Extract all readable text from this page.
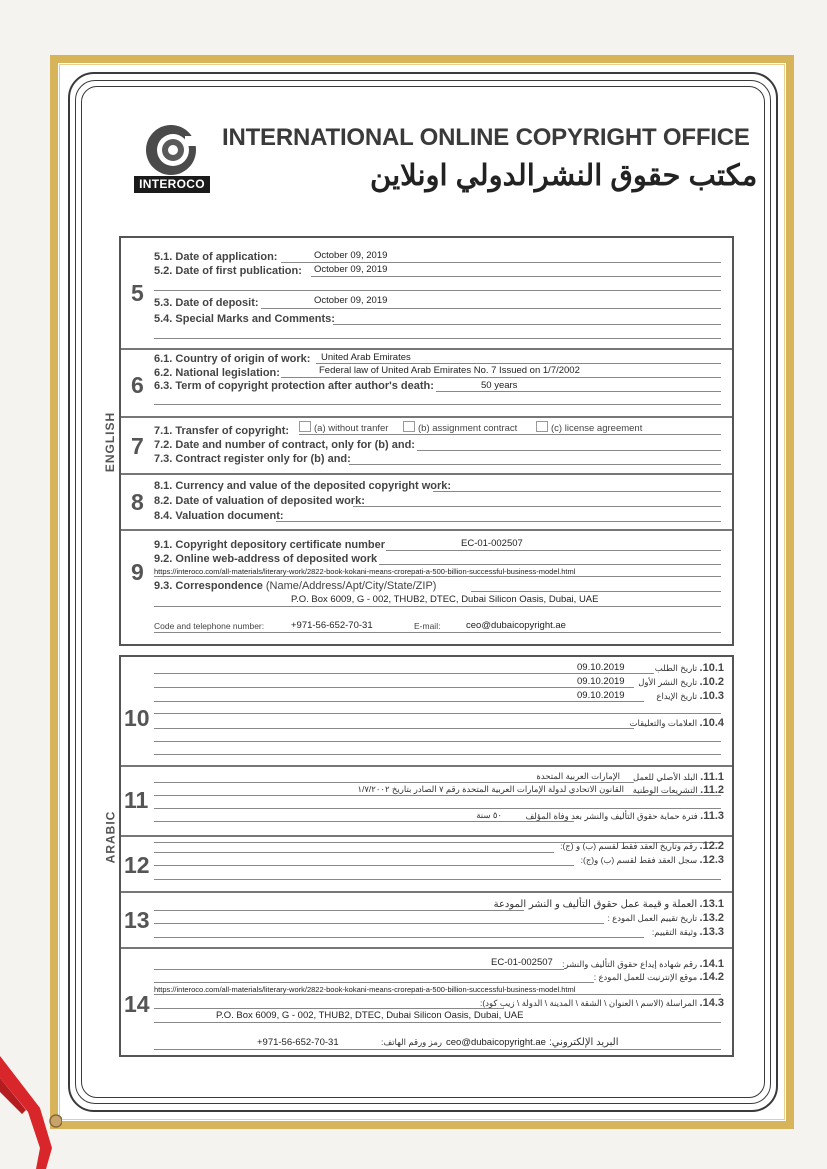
INTEROCO
INTERNATIONAL ONLINE COPYRIGHT OFFICE
مكتب حقوق النشرالدولي اونلاين
ENGLISH
ARABIC
5
5.1. Date of application:	October 09, 2019
5.2. Date of first publication: October 09, 2019
5.3. Date of deposit:	October 09, 2019
5.4. Special Marks and Comments:
6
6.1. Country of origin of work: United Arab Emirates
6.2. National legislation:	Federal law of United Arab Emirates No. 7 Issued on 1/7/2002
6.3. Term of copyright protection after author's death:	50 years
7
7.1. Transfer of copyright:	(a) without tranfer	(b) assignment contract	(c) license agreement
7.2. Date and number of contract, only for (b) and:
7.3. Contract register only for (b) and:
8
8.1. Currency and value of the deposited copyright work:
8.2. Date of valuation of deposited work:
8.4. Valuation document:
9
9.1. Copyright depository certificate number	EC-01-002507
9.2. Online web-address of deposited work
https://interoco.com/all-materials/literary-work/2822-book-kokani-means-crorepati-a-500-billion-successful-business-model.html
9.3. Correspondence (Name/Address/Apt/City/State/ZIP)
P.O. Box 6009, G - 002, THUB2, DTEC, Dubai Silicon Oasis, Dubai, UAE
Code and telephone number:	+971-56-652-70-31	E-mail:	ceo@dubaicopyright.ae
10
10.1. تاريخ الطلب
09.10.2019
10.2. تاريخ النشر الأول
09.10.2019
10.3. تاريخ الإيداع
09.10.2019
10.4. العلامات والتعليقات
11
11.1. البلد الأصلي للعمل
الإمارات العربية المتحدة
11.2. التشريعات الوطنية
القانون الاتحادي لدولة الإمارات العربية المتحدة رقم ٧ الصادر بتاريخ ١/٧/٢٠٠٢
11.3. فترة حماية حقوق التأليف والنشر بعد وفاة المؤلف
٥٠ سنة
12
12.2. رقم وتاريخ العقد فقط لقسم (ب) و (ج):
12.3. سجل العقد فقط لقسم (ب) و(ج):
13
13.1. العملة و قيمة عمل حقوق التأليف و النشر المودعة
13.2. تاريخ تقييم العمل المودع :
13.3. وثيقة التقييم:
14
14.1. رقم شهادة إيداع حقوق التأليف والنشر:
EC-01-002507
14.2. موقع الإنترنيت للعمل المودع :
https://interoco.com/all-materials/literary-work/2822-book-kokani-means-crorepati-a-500-billion-successful-business-model.html
14.3. المراسلة (الاسم \ العنوان \ الشقة \ المدينة \ الدولة \ زيب كود):
P.O. Box 6009, G - 002, THUB2, DTEC, Dubai Silicon Oasis, Dubai, UAE
+971-56-652-70-31	رمز ورقم الهاتف: ceo@dubaicopyright.ae البريد الإلكتروني:
